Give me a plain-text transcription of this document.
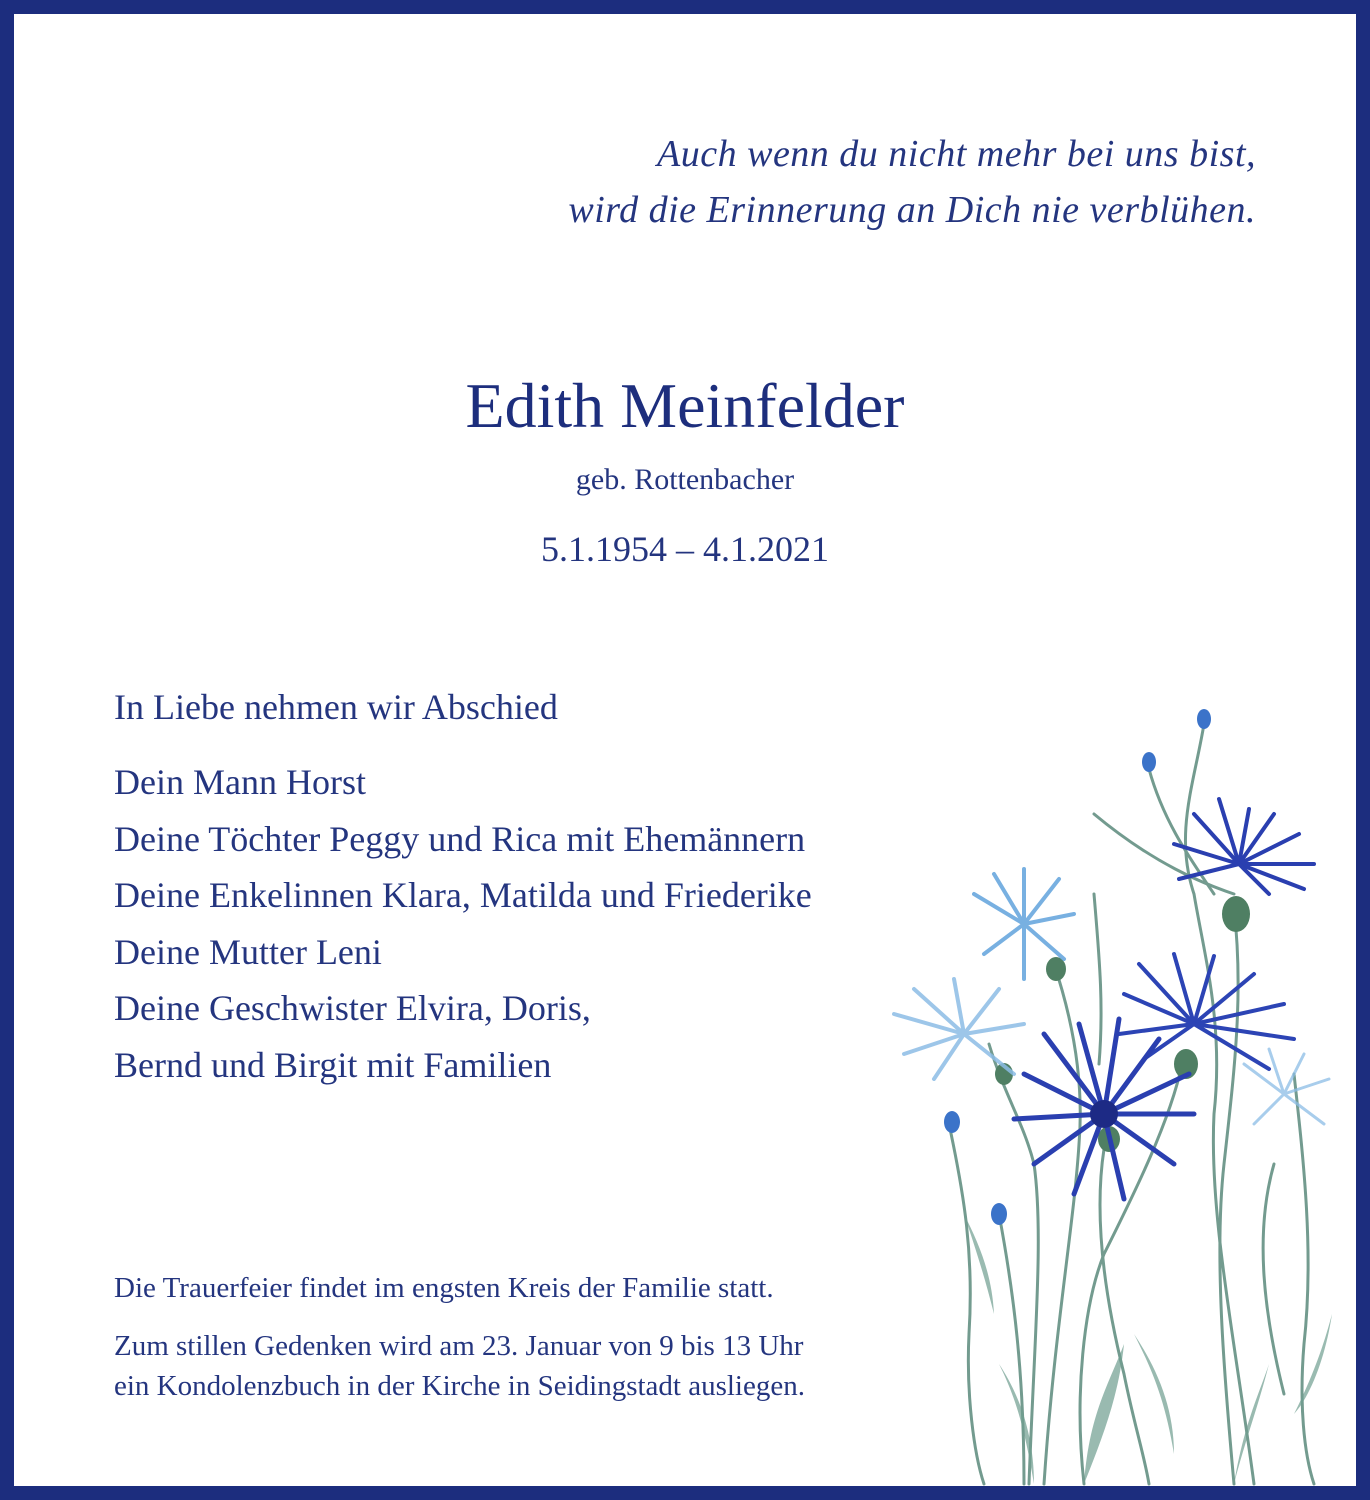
Auch wenn du nicht mehr bei uns bist,
wird die Erinnerung an Dich nie verblühen.
Edith Meinfelder
geb. Rottenbacher
5.1.1954 – 4.1.2021
In Liebe nehmen wir Abschied
Dein Mann Horst
Deine Töchter Peggy und Rica mit Ehemännern
Deine Enkelinnen Klara, Matilda und Friederike
Deine Mutter Leni
Deine Geschwister Elvira, Doris,
Bernd und Birgit mit Familien
Die Trauerfeier findet im engsten Kreis der Familie statt.
Zum stillen Gedenken wird am 23. Januar von 9 bis 13 Uhr
ein Kondolenzbuch in der Kirche in Seidingstadt ausliegen.
